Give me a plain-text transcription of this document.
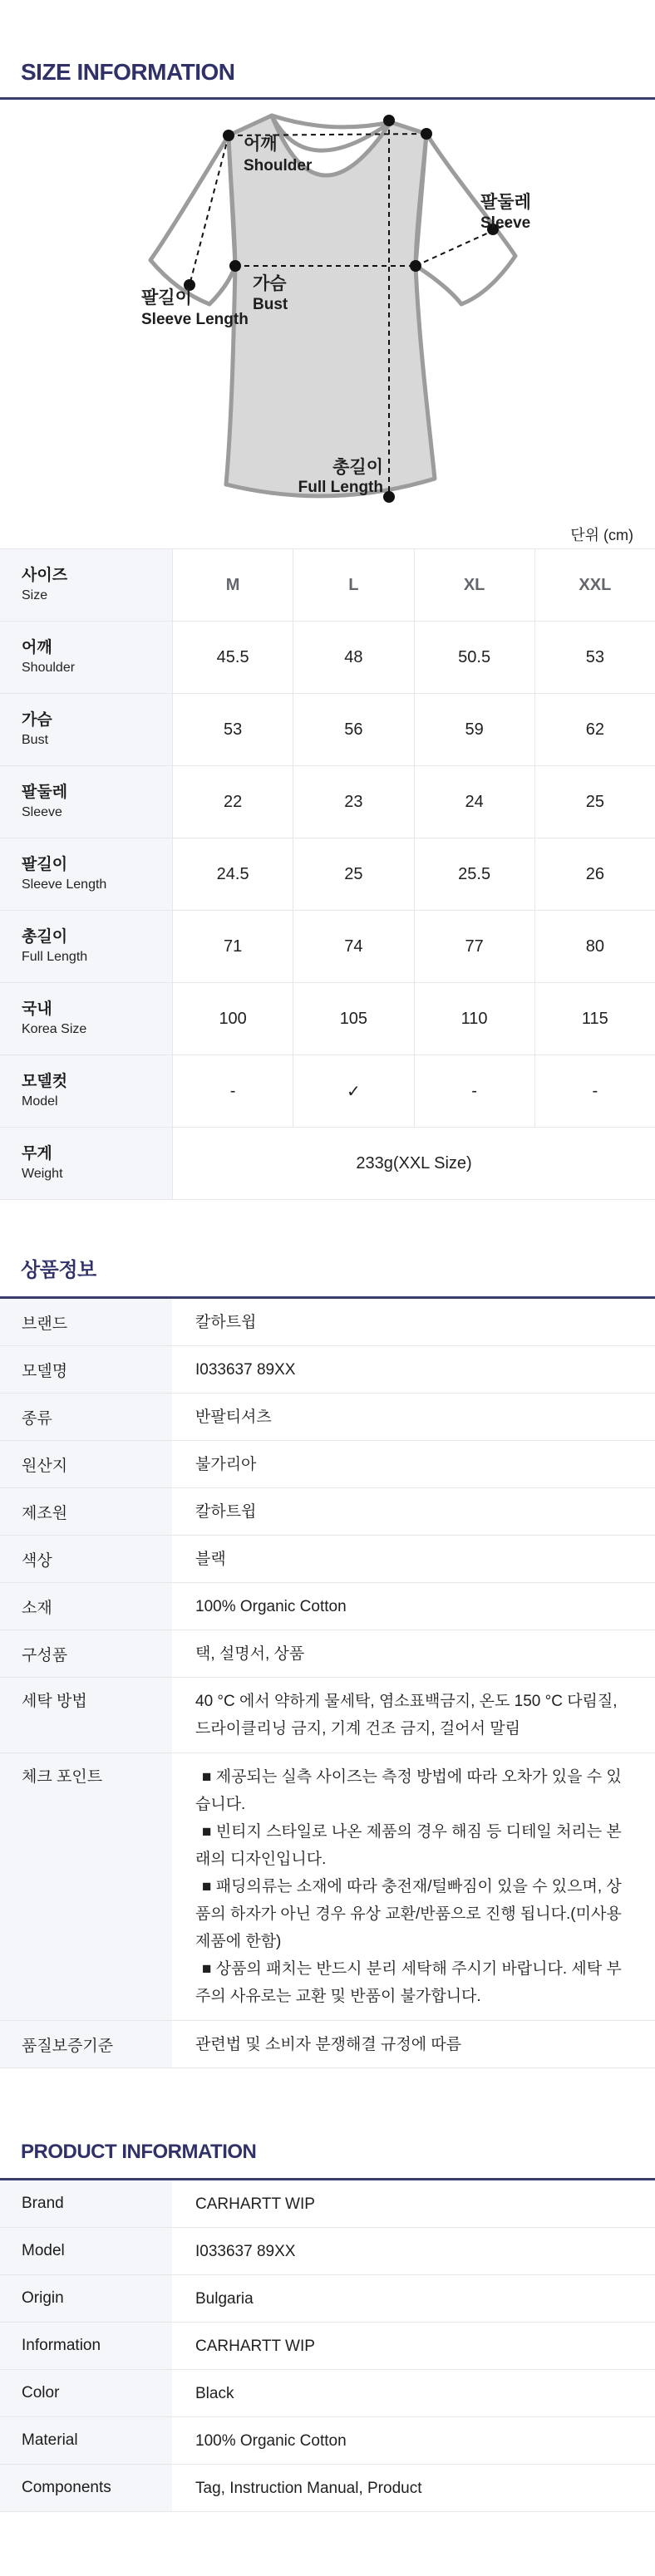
SIZE INFORMATION
어깨
Shoulder
팔둘레
Sleeve
가슴
Bust
팔길이
Sleeve Length
총길이
Full Length
단위 (cm)
사이즈
Size
M	L	XL	XXL
어깨
Shoulder
45.5	48	50.5	53
가슴
Bust
53	56	59	62
팔둘레
Sleeve
22	23	24	25
팔길이
Sleeve Length
24.5	25	25.5	26
총길이
Full Length
71	74	77	80
국내
Korea Size
100	105	110	115
모델컷
Model
-	✓	-	-
무게
Weight
233g(XXL Size)
상품정보
브랜드	칼하트윕
모델명	I033637 89XX
종류	반팔티셔츠
원산지	불가리아
제조원	칼하트윕
색상	블랙
소재	100% Organic Cotton
구성품	택, 설명서, 상품
세탁 방법	40 °C 에서 약하게 물세탁, 염소표백금지, 온도 150 °C 다림질, 드라이클리닝 금지, 기계 건조 금지, 걸어서 말림
체크 포인트	■ 제공되는 실측 사이즈는 측정 방법에 따라 오차가 있을 수 있습니다.

■ 빈티지 스타일로 나온 제품의 경우 해짐 등 디테일 처리는 본래의 디자인입니다.

■ 패딩의류는 소재에 따라 충전재/털빠짐이 있을 수 있으며, 상품의 하자가 아닌 경우 유상 교환/반품으로 진행 됩니다.(미사용 제품에 한함)

■ 상품의 패치는 반드시 분리 세탁해 주시기 바랍니다. 세탁 부주의 사유로는 교환 및 반품이 불가합니다.

품질보증기준	관련법 및 소비자 분쟁해결 규정에 따름
PRODUCT INFORMATION
Brand	CARHARTT WIP
Model	I033637 89XX
Origin	Bulgaria
Information	CARHARTT WIP
Color	Black
Material	100% Organic Cotton
Components	Tag, Instruction Manual, Product
